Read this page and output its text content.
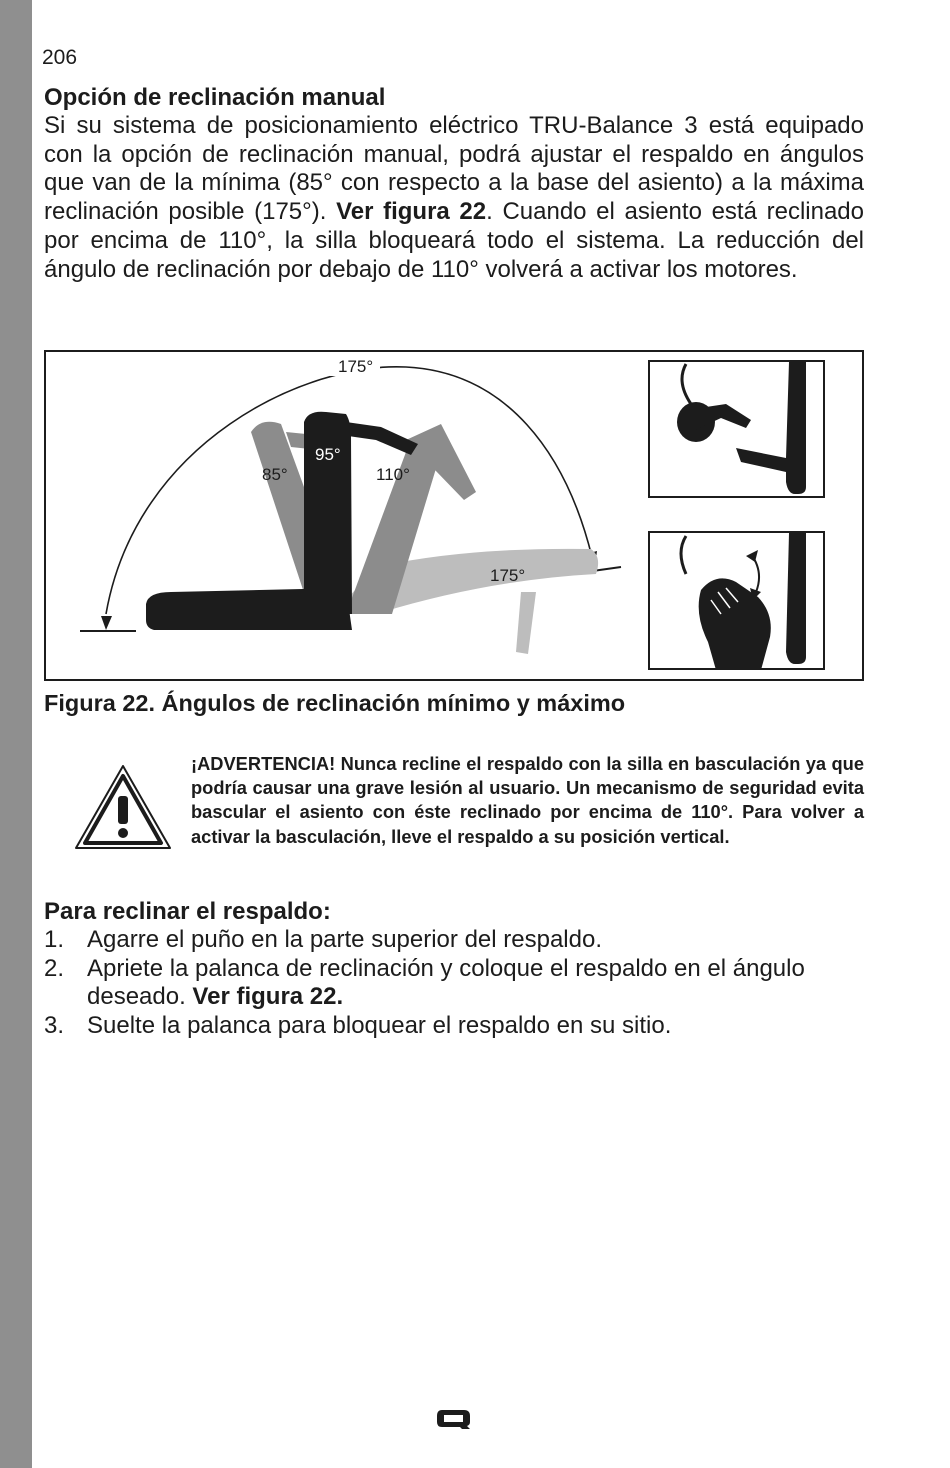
206
Opción de reclinación manual

Si su sistema de posicionamiento eléctrico TRU-Balance 3 está equipado con la opción de reclinación manual, podrá ajustar el respaldo en ángulos que van de la mínima (85° con respecto a la base del asiento) a la máxima reclinación posible (175°). Ver figura 22. Cuando el asiento está reclinado por encima de 110°, la silla bloqueará todo el sistema. La reducción del ángulo de reclinación por debajo de 110° volverá a activar los motores.

175°
175°
85°	110°
95°
Figura 22. Ángulos de reclinación mínimo y máximo

¡ADVERTENCIA! Nunca recline el respaldo con la silla en basculación ya que podría causar una grave lesión al usuario. Un mecanismo de seguridad evita bascular el asiento con éste reclinado por encima de 110°. Para volver a activar la basculación, lleve el respaldo a su posición vertical.

Para reclinar el respaldo:
1. Agarre el puño en la parte superior del respaldo.
2. Apriete la palanca de reclinación y coloque el respaldo en el ángulo deseado. Ver figura 22.
3. Suelte la palanca para bloquear el respaldo en su sitio.
